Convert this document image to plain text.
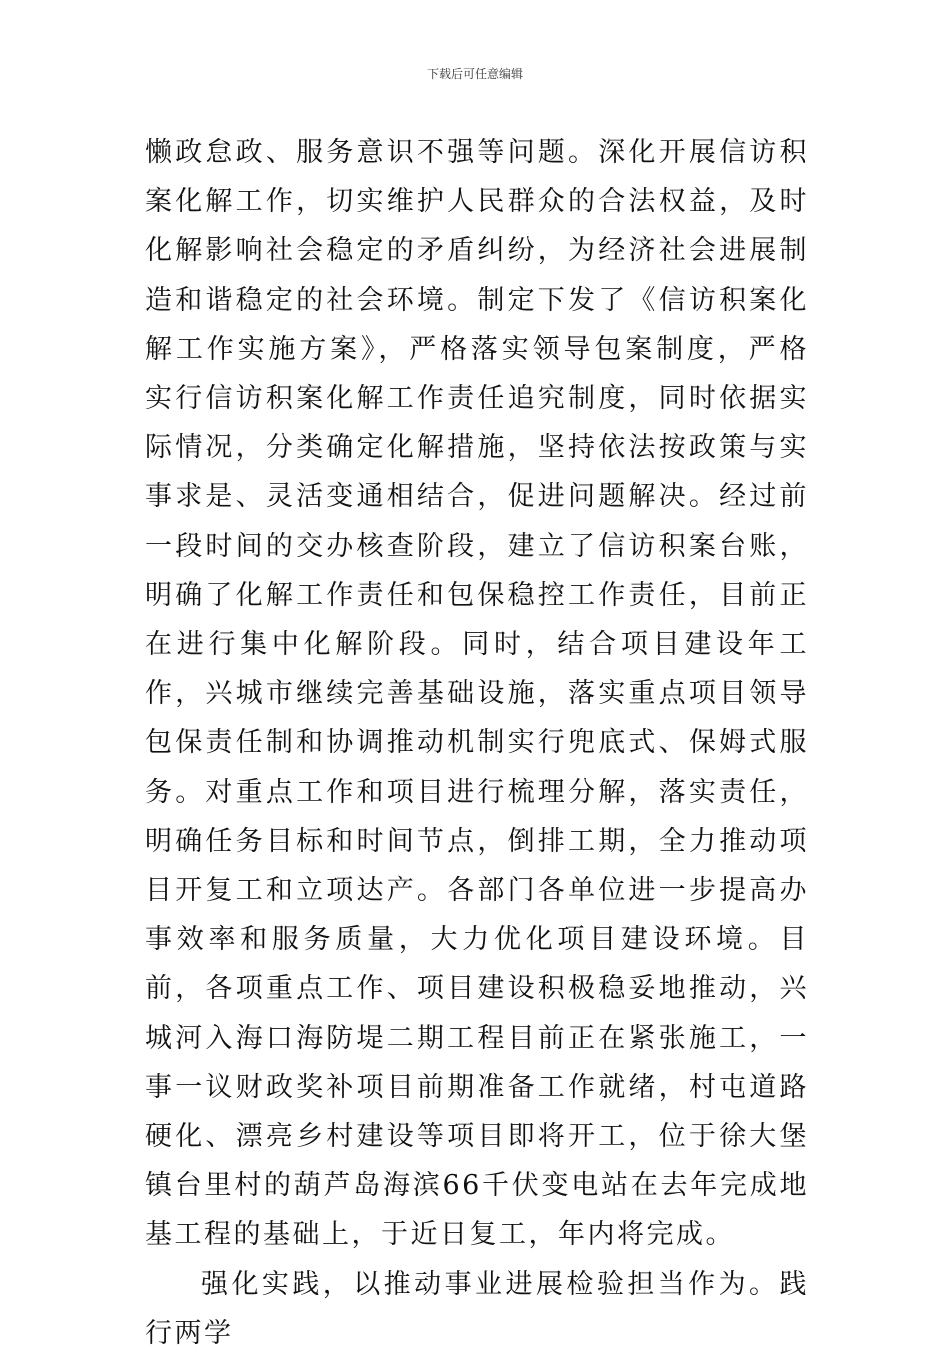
下载后可任意编辑

懒政怠政、服务意识不强等问题。深化开展信访积案化解工作，切实维护人民群众的合法权益，及时化解影响社会稳定的矛盾纠纷，为经济社会进展制造和谐稳定的社会环境。制定下发了《信访积案化解工作实施方案》，严格落实领导包案制度，严格实行信访积案化解工作责任追究制度，同时依据实际情况，分类确定化解措施，坚持依法按政策与实事求是、灵活变通相结合，促进问题解决。经过前一段时间的交办核查阶段，建立了信访积案台账，明确了化解工作责任和包保稳控工作责任，目前正在进行集中化解阶段。同时，结合项目建设年工作，兴城市继续完善基础设施，落实重点项目领导包保责任制和协调推动机制实行兜底式、保姆式服务。对重点工作和项目进行梳理分解，落实责任，明确任务目标和时间节点，倒排工期，全力推动项目开复工和立项达产。各部门各单位进一步提高办事效率和服务质量，大力优化项目建设环境。目前，各项重点工作、项目建设积极稳妥地推动，兴城河入海口海防堤二期工程目前正在紧张施工，一事一议财政奖补项目前期准备工作就绪，村屯道路硬化、漂亮乡村建设等项目即将开工，位于徐大堡镇台里村的葫芦岛海滨66千伏变电站在去年完成地基工程的基础上，于近日复工，年内将完成。

强化实践，以推动事业进展检验担当作为。践行两学
